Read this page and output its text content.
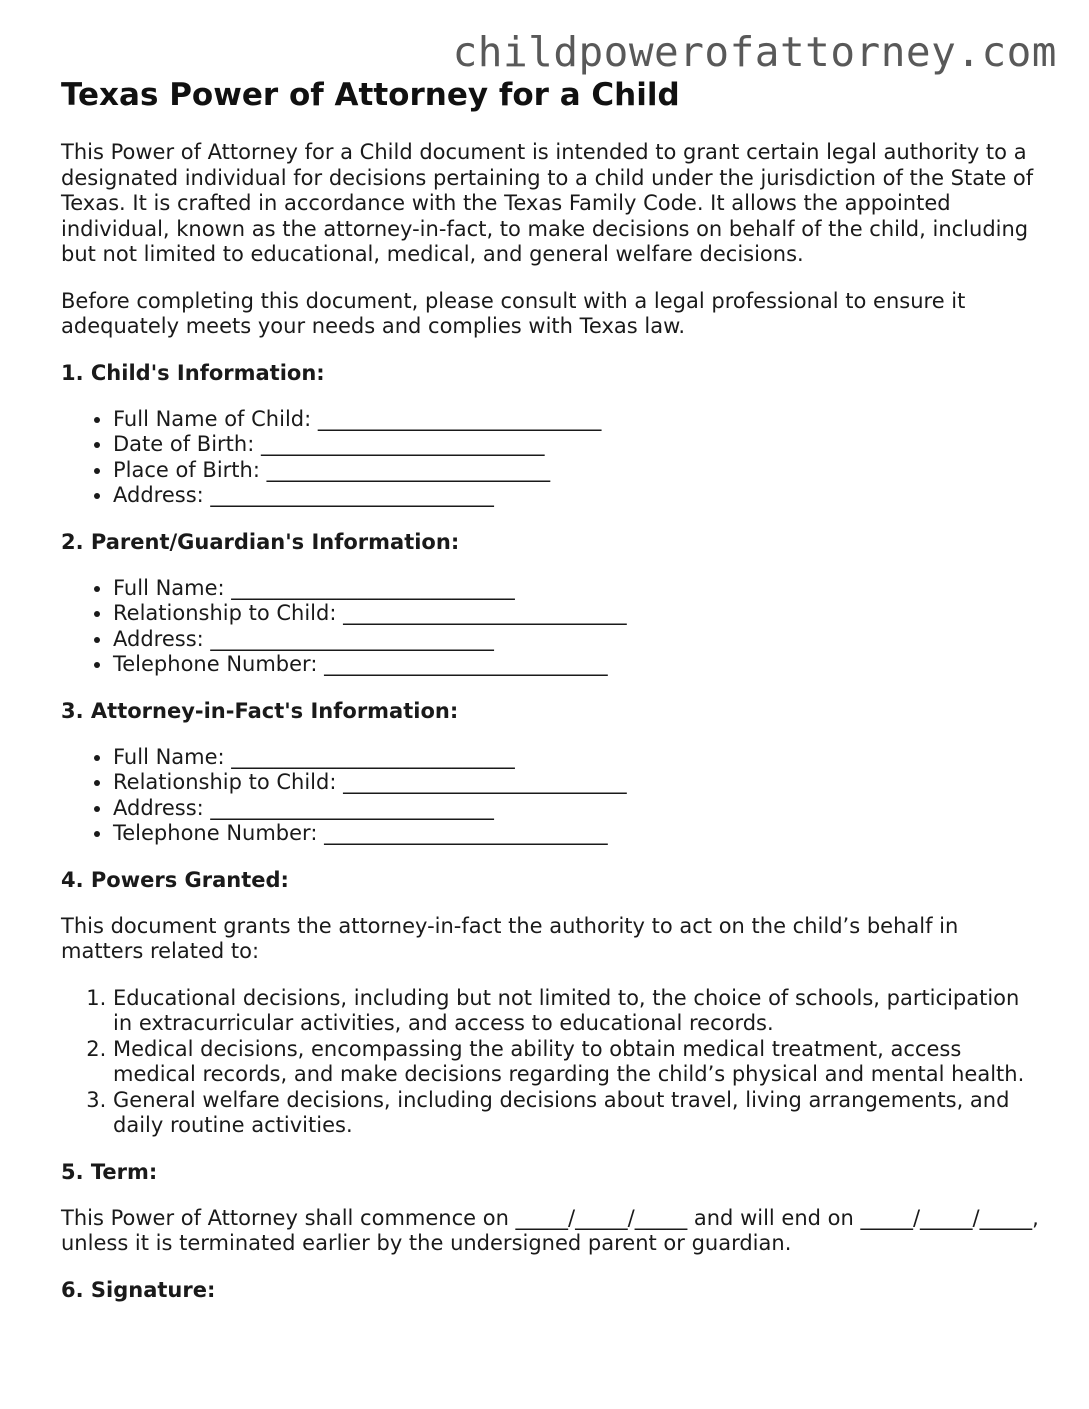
childpowerofattorney.com
Texas Power of Attorney for a Child

This Power of Attorney for a Child document is intended to grant certain legal authority to a designated individual for decisions pertaining to a child under the jurisdiction of the State of Texas. It is crafted in accordance with the Texas Family Code. It allows the appointed individual, known as the attorney-in-fact, to make decisions on behalf of the child, including but not limited to educational, medical, and general welfare decisions.

Before completing this document, please consult with a legal professional to ensure it adequately meets your needs and complies with Texas law.

1. Child's Information:
• Full Name of Child: ___________________________
• Date of Birth: ___________________________
• Place of Birth: ___________________________
• Address: ___________________________
2. Parent/Guardian's Information:
• Full Name: ___________________________
• Relationship to Child: ___________________________
• Address: ___________________________
• Telephone Number: ___________________________
3. Attorney-in-Fact's Information:
• Full Name: ___________________________
• Relationship to Child: ___________________________
• Address: ___________________________
• Telephone Number: ___________________________
4. Powers Granted:

This document grants the attorney-in-fact the authority to act on the child’s behalf in matters related to:

1. Educational decisions, including but not limited to, the choice of schools, participation in extracurricular activities, and access to educational records.
2. Medical decisions, encompassing the ability to obtain medical treatment, access medical records, and make decisions regarding the child’s physical and mental health.
3. General welfare decisions, including decisions about travel, living arrangements, and daily routine activities.
5. Term:

This Power of Attorney shall commence on _____/_____/_____ and will end on _____/_____/_____, unless it is terminated earlier by the undersigned parent or guardian.

6. Signature:
